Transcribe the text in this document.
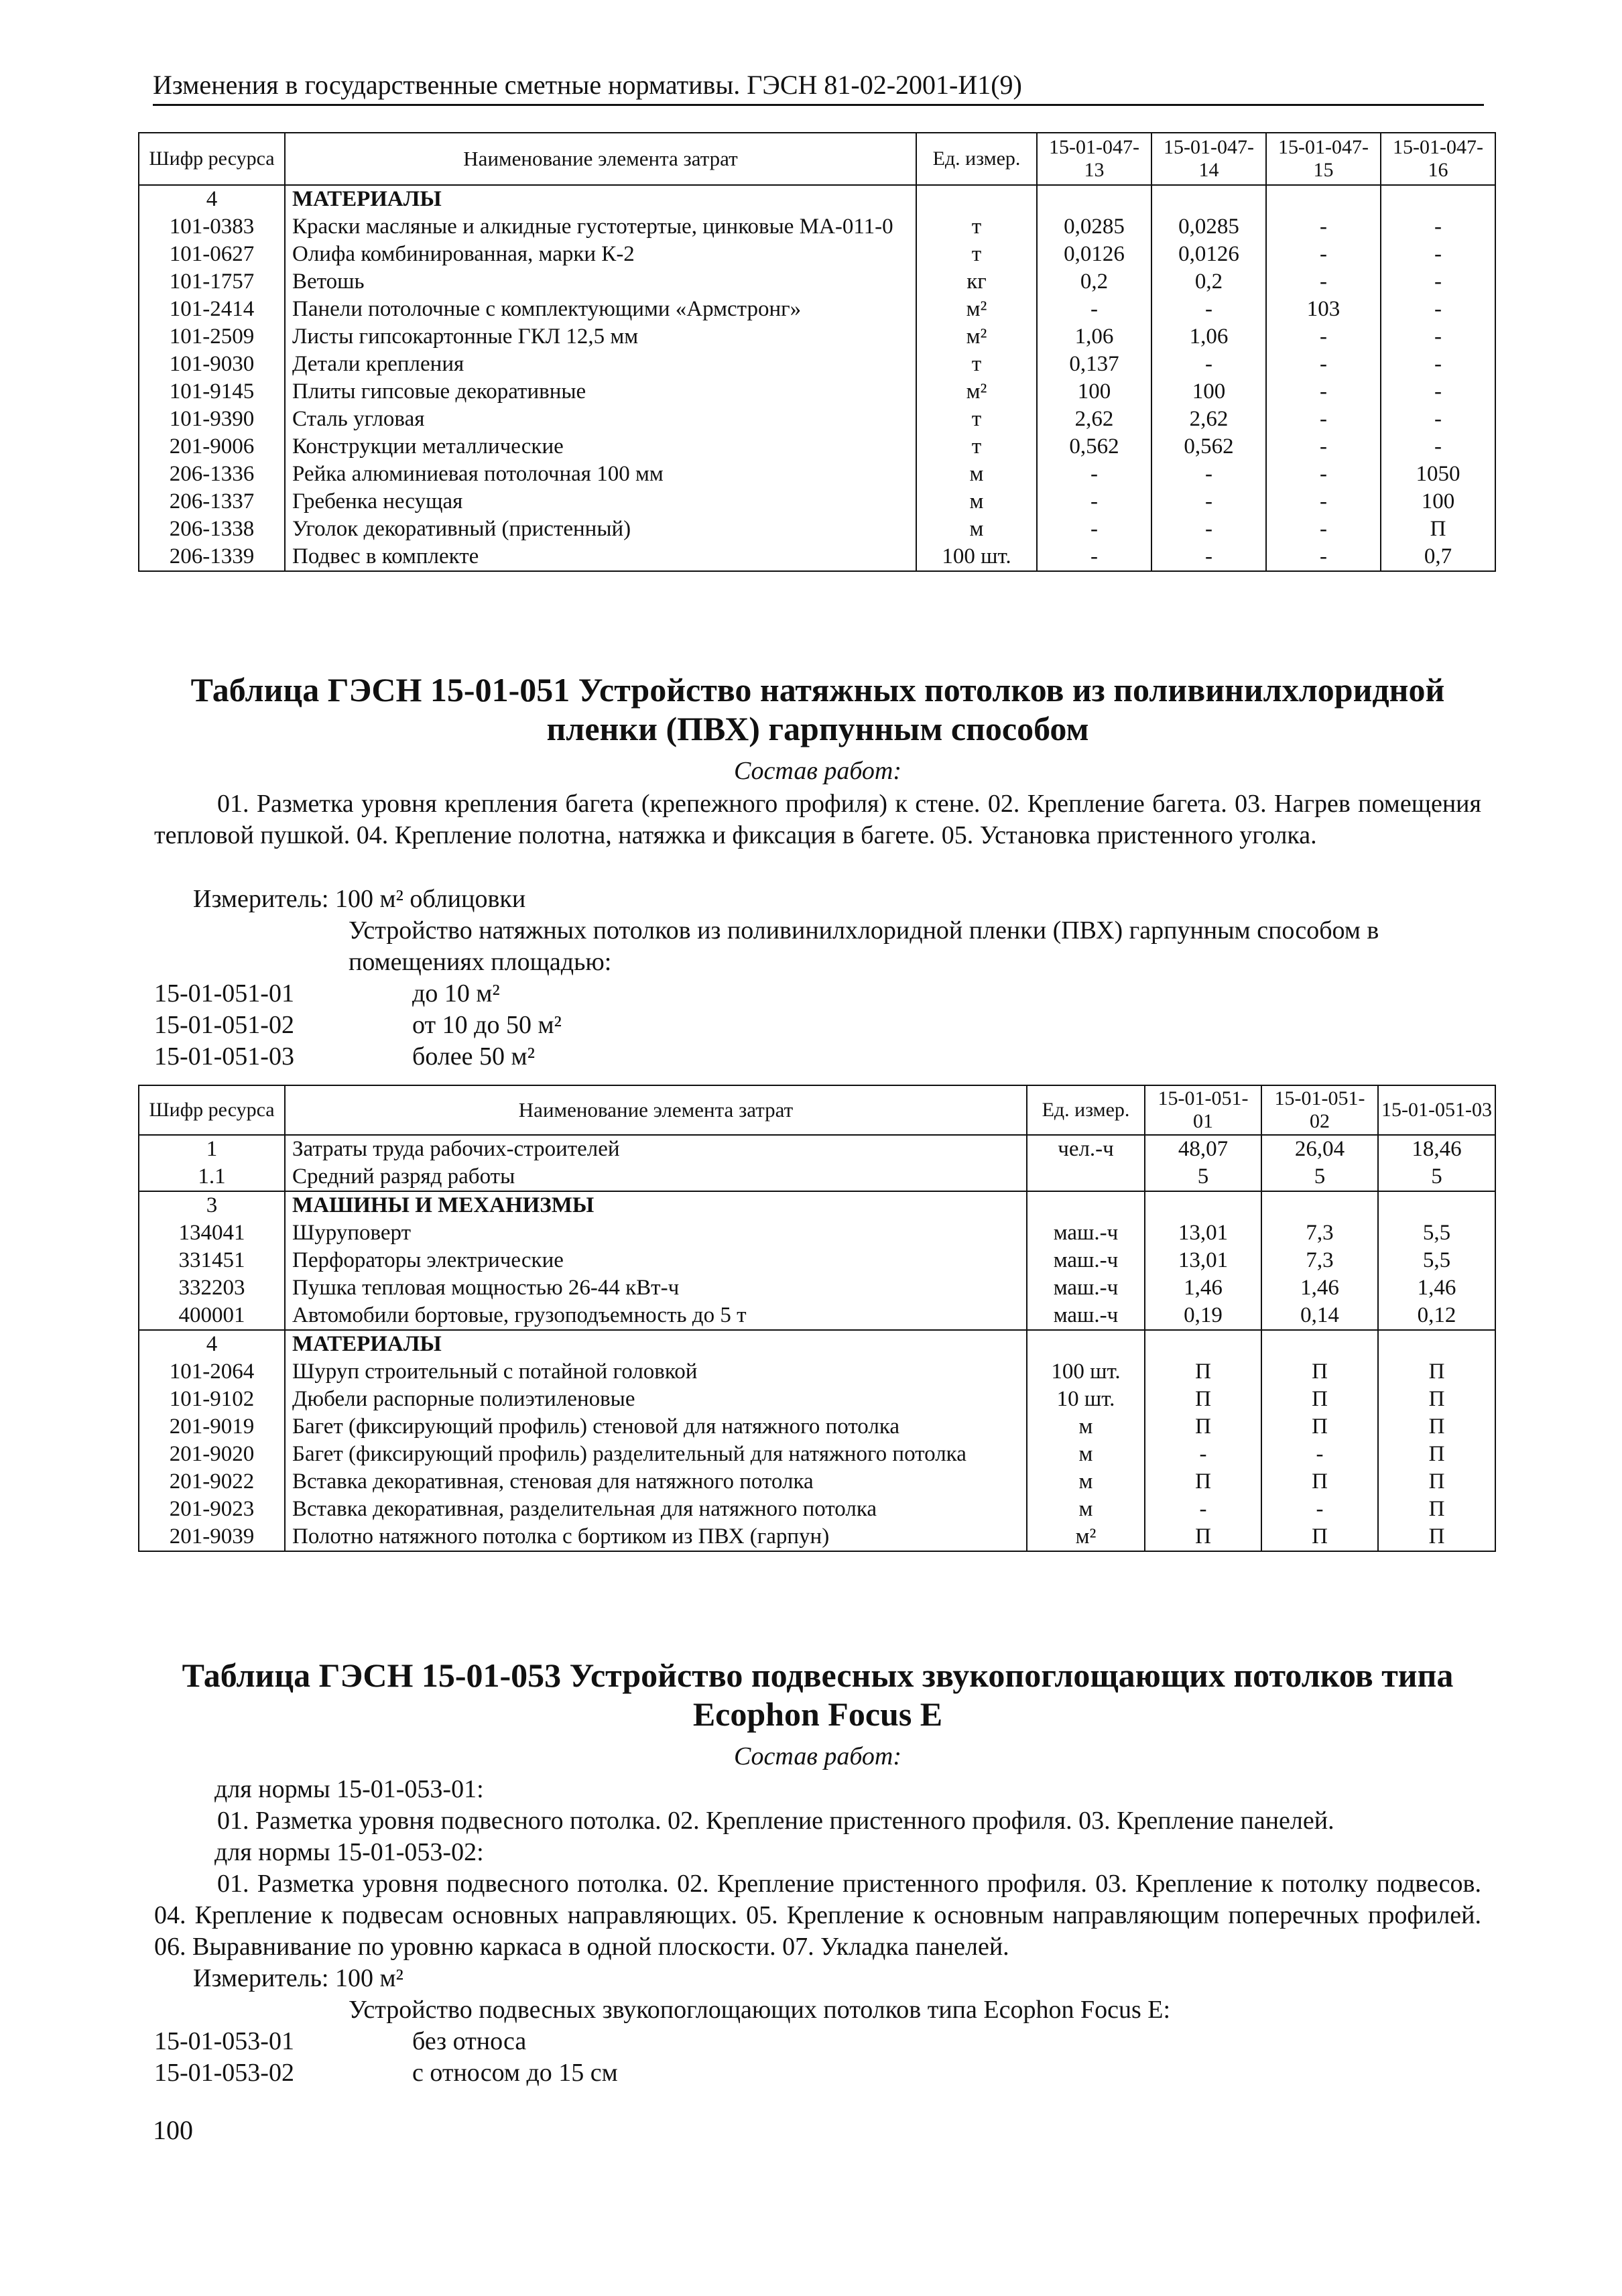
Изменения в государственные сметные нормативы. ГЭСН 81-02-2001-И1(9)
Шифр ресурса	Наименование элемента затрат	Ед. измер.	15-01-047-13	15-01-047-14	15-01-047-15	15-01-047-16
4	МАТЕРИАЛЫ					
101-0383	Краски масляные и алкидные густотертые, цинковые МА-011-0	т	0,0285	0,0285	-	-
101-0627	Олифа комбинированная, марки К-2	т	0,0126	0,0126	-	-
101-1757	Ветошь	кг	0,2	0,2	-	-
101-2414	Панели потолочные с комплектующими «Армстронг»	м²	-	-	103	-
101-2509	Листы гипсокартонные ГКЛ 12,5 мм	м²	1,06	1,06	-	-
101-9030	Детали крепления	т	0,137	-	-	-
101-9145	Плиты гипсовые декоративные	м²	100	100	-	-
101-9390	Сталь угловая	т	2,62	2,62	-	-
201-9006	Конструкции металлические	т	0,562	0,562	-	-
206-1336	Рейка алюминиевая потолочная 100 мм	м	-	-	-	1050
206-1337	Гребенка несущая	м	-	-	-	100
206-1338	Уголок декоративный (пристенный)	м	-	-	-	П
206-1339	Подвес в комплекте	100 шт.	-	-	-	0,7
Таблица ГЭСН 15-01-051 Устройство натяжных потолков из поливинилхлоридной
пленки (ПВХ) гарпунным способом
Состав работ:

01. Разметка уровня крепления багета (крепежного профиля) к стене. 02. Крепление багета. 03. Нагрев помещения тепловой пушкой. 04. Крепление полотна, натяжка и фиксация в багете. 05. Установка пристенного уголка.

Измеритель: 100 м² облицовки

Устройство натяжных потолков из поливинилхлоридной пленки (ПВХ) гарпунным способом в помещениях площадью:

15-01-051-01	до 10 м²
15-01-051-02	от 10 до 50 м²
15-01-051-03	более 50 м²
Шифр ресурса	Наименование элемента затрат	Ед. измер.	15-01-051-01	15-01-051-02	15-01-051-03
1	Затраты труда рабочих-строителей	чел.-ч	48,07	26,04	18,46
1.1	Средний разряд работы		5	5	5
3	МАШИНЫ И МЕХАНИЗМЫ				
134041	Шуруповерт	маш.-ч	13,01	7,3	5,5
331451	Перфораторы электрические	маш.-ч	13,01	7,3	5,5
332203	Пушка тепловая мощностью 26-44 кВт-ч	маш.-ч	1,46	1,46	1,46
400001	Автомобили бортовые, грузоподъемность до 5 т	маш.-ч	0,19	0,14	0,12
4	МАТЕРИАЛЫ				
101-2064	Шуруп строительный с потайной головкой	100 шт.	П	П	П
101-9102	Дюбели распорные полиэтиленовые	10 шт.	П	П	П
201-9019	Багет (фиксирующий профиль) стеновой для натяжного потолка	м	П	П	П
201-9020	Багет (фиксирующий профиль) разделительный для натяжного потолка	м	-	-	П
201-9022	Вставка декоративная, стеновая для натяжного потолка	м	П	П	П
201-9023	Вставка декоративная, разделительная для натяжного потолка	м	-	-	П
201-9039	Полотно натяжного потолка с бортиком из ПВХ (гарпун)	м²	П	П	П
Таблица ГЭСН 15-01-053 Устройство подвесных звукопоглощающих потолков типа
Ecophon Focus E
Состав работ:

для нормы 15-01-053-01:

01. Разметка уровня подвесного потолка. 02. Крепление пристенного профиля. 03. Крепление панелей.

для нормы 15-01-053-02:

01. Разметка уровня подвесного потолка. 02. Крепление пристенного профиля. 03. Крепление к потолку подвесов. 04. Крепление к подвесам основных направляющих. 05. Крепление к основным направляющим поперечных профилей. 06. Выравнивание по уровню каркаса в одной плоскости. 07. Укладка панелей.

Измеритель: 100 м²

Устройство подвесных звукопоглощающих потолков типа Ecophon Focus E:

15-01-053-01	без относа
15-01-053-02	с относом до 15 см
100
